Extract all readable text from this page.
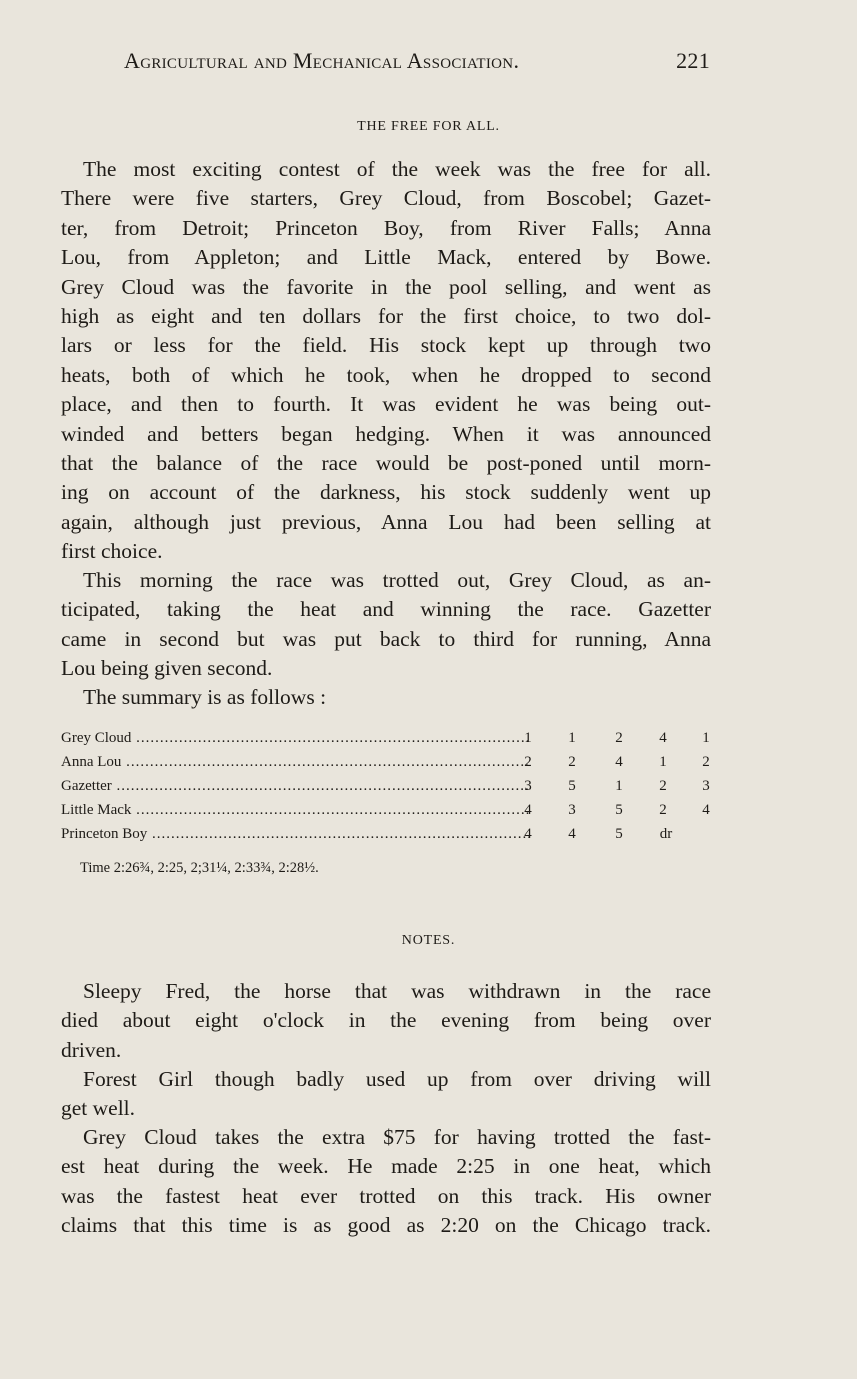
Agricultural and Mechanical Association.	221
THE FREE FOR ALL.
The most exciting contest of the week was the free for all.
There were five starters, Grey Cloud, from Boscobel; Gazet-
ter, from Detroit; Princeton Boy, from River Falls; Anna
Lou, from Appleton; and Little Mack, entered by Bowe.
Grey Cloud was the favorite in the pool selling, and went as
high as eight and ten dollars for the first choice, to two dol-
lars or less for the field. His stock kept up through two
heats, both of which he took, when he dropped to second
place, and then to fourth. It was evident he was being out-
winded and betters began hedging. When it was announced
that the balance of the race would be post-poned until morn-
ing on account of the darkness, his stock suddenly went up
again, although just previous, Anna Lou had been selling at
first choice.
This morning the race was trotted out, Grey Cloud, as an-
ticipated, taking the heat and winning the race. Gazetter
came in second but was put back to third for running, Anna
Lou being given second.
The summary is as follows :
Grey Cloud .....	1	1	2	4	1
Anna Lou .....	2	2	4	1	2
Gazetter .....	3	5	1	2	3
Little Mack .....	4	3	5	2	4
Princeton Boy .....	4	4	5	dr
Time 2:26¾, 2:25, 2;31¼, 2:33¾, 2:28½.
NOTES.
Sleepy Fred, the horse that was withdrawn in the race
died about eight o'clock in the evening from being over
driven.
Forest Girl though badly used up from over driving will
get well.
Grey Cloud takes the extra $75 for having trotted the fast-
est heat during the week. He made 2:25 in one heat, which
was the fastest heat ever trotted on this track. His owner
claims that this time is as good as 2:20 on the Chicago track.
